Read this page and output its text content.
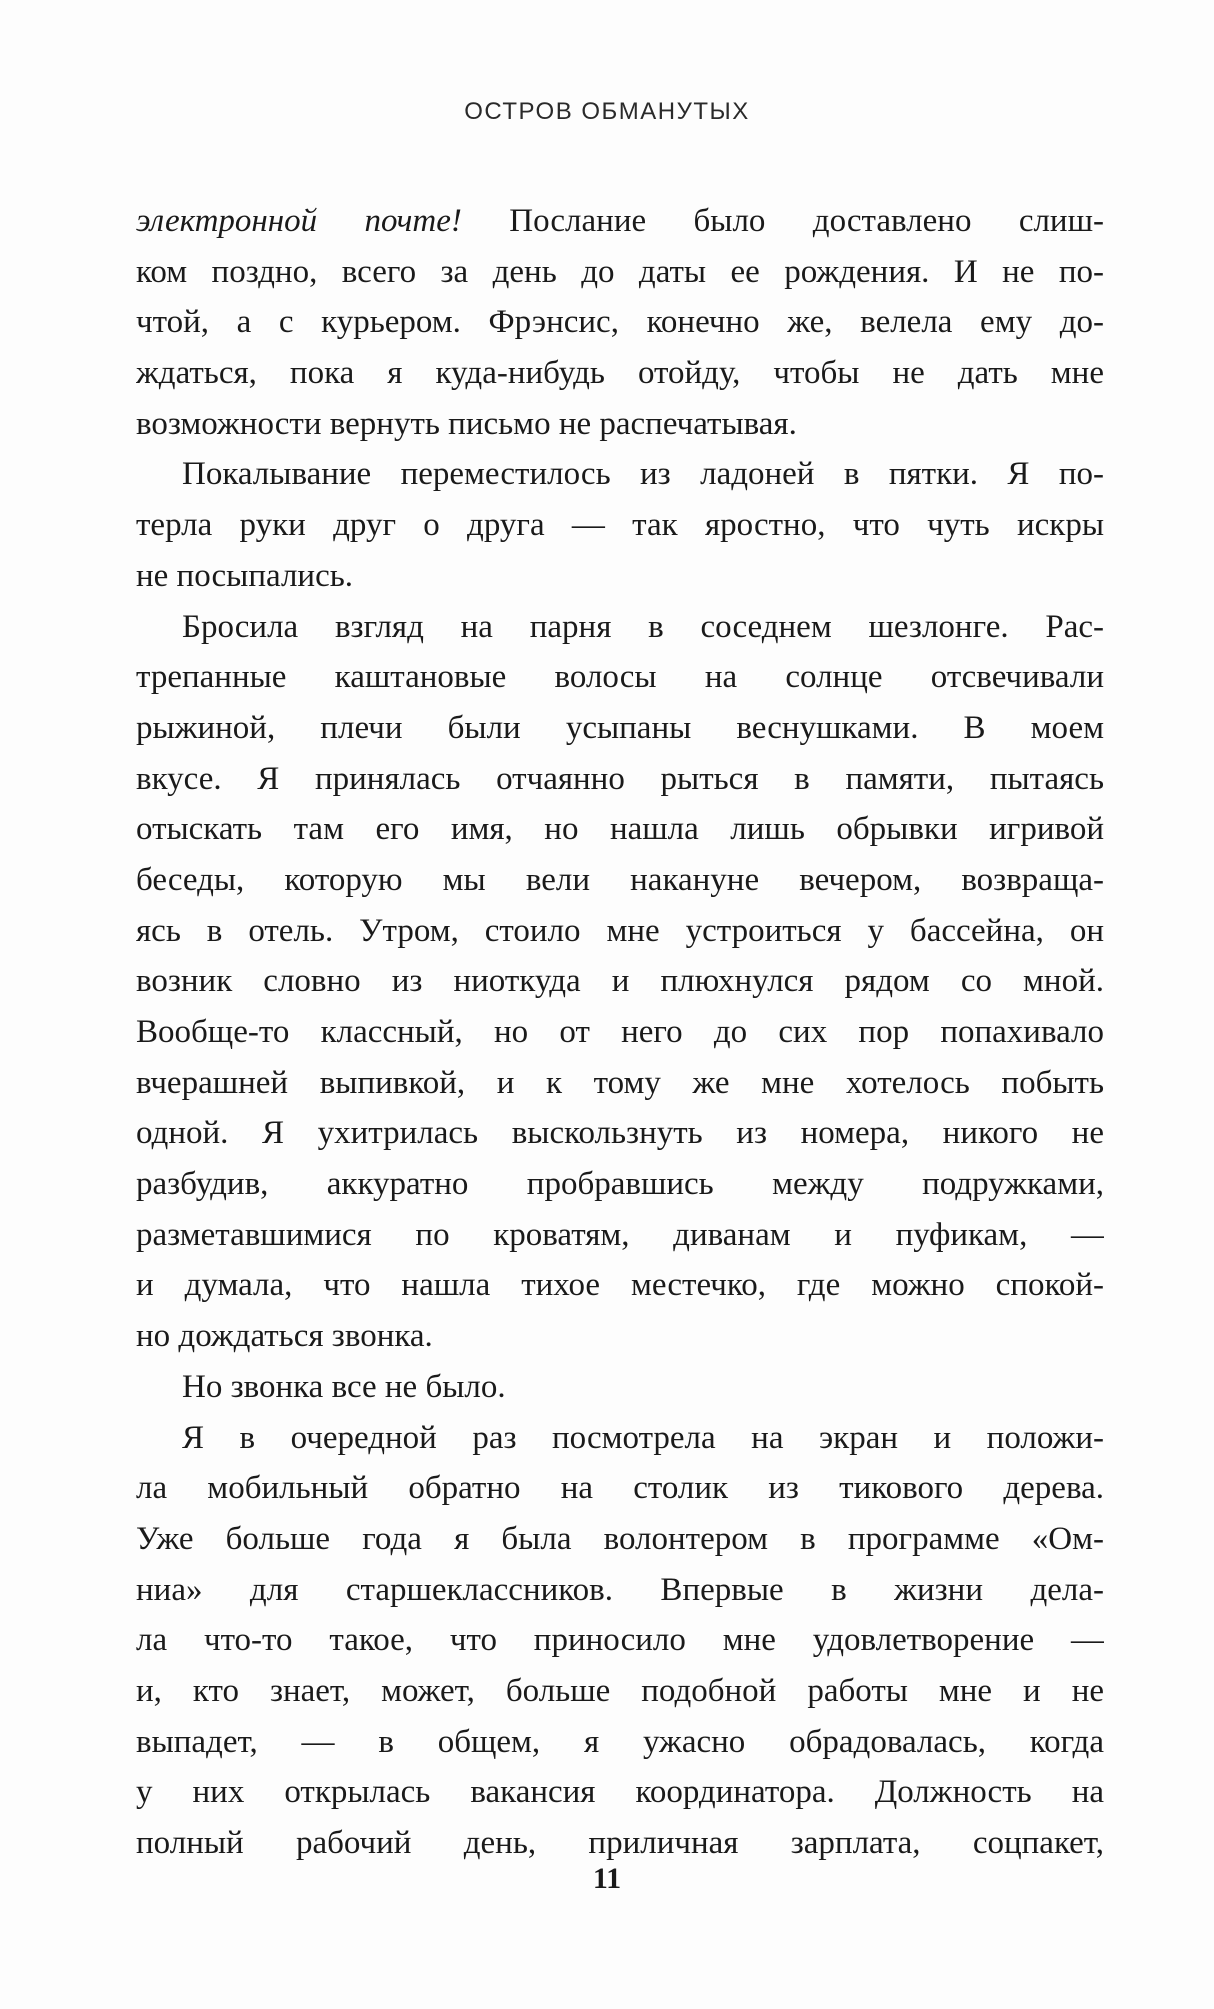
ОСТРОВ ОБМАНУТЫХ
электронной почте! Послание было доставлено слиш-
ком поздно, всего за день до даты ее рождения. И не по-
чтой, а с курьером. Фрэнсис, конечно же, велела ему до-
ждаться, пока я куда-нибудь отойду, чтобы не дать мне
возможности вернуть письмо не распечатывая.
Покалывание переместилось из ладоней в пятки. Я по-
терла руки друг о друга — так яростно, что чуть искры
не посыпались.
Бросила взгляд на парня в соседнем шезлонге. Рас-
трепанные каштановые волосы на солнце отсвечивали
рыжиной, плечи были усыпаны веснушками. В моем
вкусе. Я принялась отчаянно рыться в памяти, пытаясь
отыскать там его имя, но нашла лишь обрывки игривой
беседы, которую мы вели накануне вечером, возвраща-
ясь в отель. Утром, стоило мне устроиться у бассейна, он
возник словно из ниоткуда и плюхнулся рядом со мной.
Вообще-то классный, но от него до сих пор попахивало
вчерашней выпивкой, и к тому же мне хотелось побыть
одной. Я ухитрилась выскользнуть из номера, никого не
разбудив, аккуратно пробравшись между подружками,
разметавшимися по кроватям, диванам и пуфикам, —
и думала, что нашла тихое местечко, где можно спокой-
но дождаться звонка.
Но звонка все не было.
Я в очередной раз посмотрела на экран и положи-
ла мобильный обратно на столик из тикового дерева.
Уже больше года я была волонтером в программе «Ом-
ниа» для старшеклассников. Впервые в жизни дела-
ла что-то такое, что приносило мне удовлетворение —
и, кто знает, может, больше подобной работы мне и не
выпадет, — в общем, я ужасно обрадовалась, когда
у них открылась вакансия координатора. Должность на
полный рабочий день, приличная зарплата, соцпакет,
11
